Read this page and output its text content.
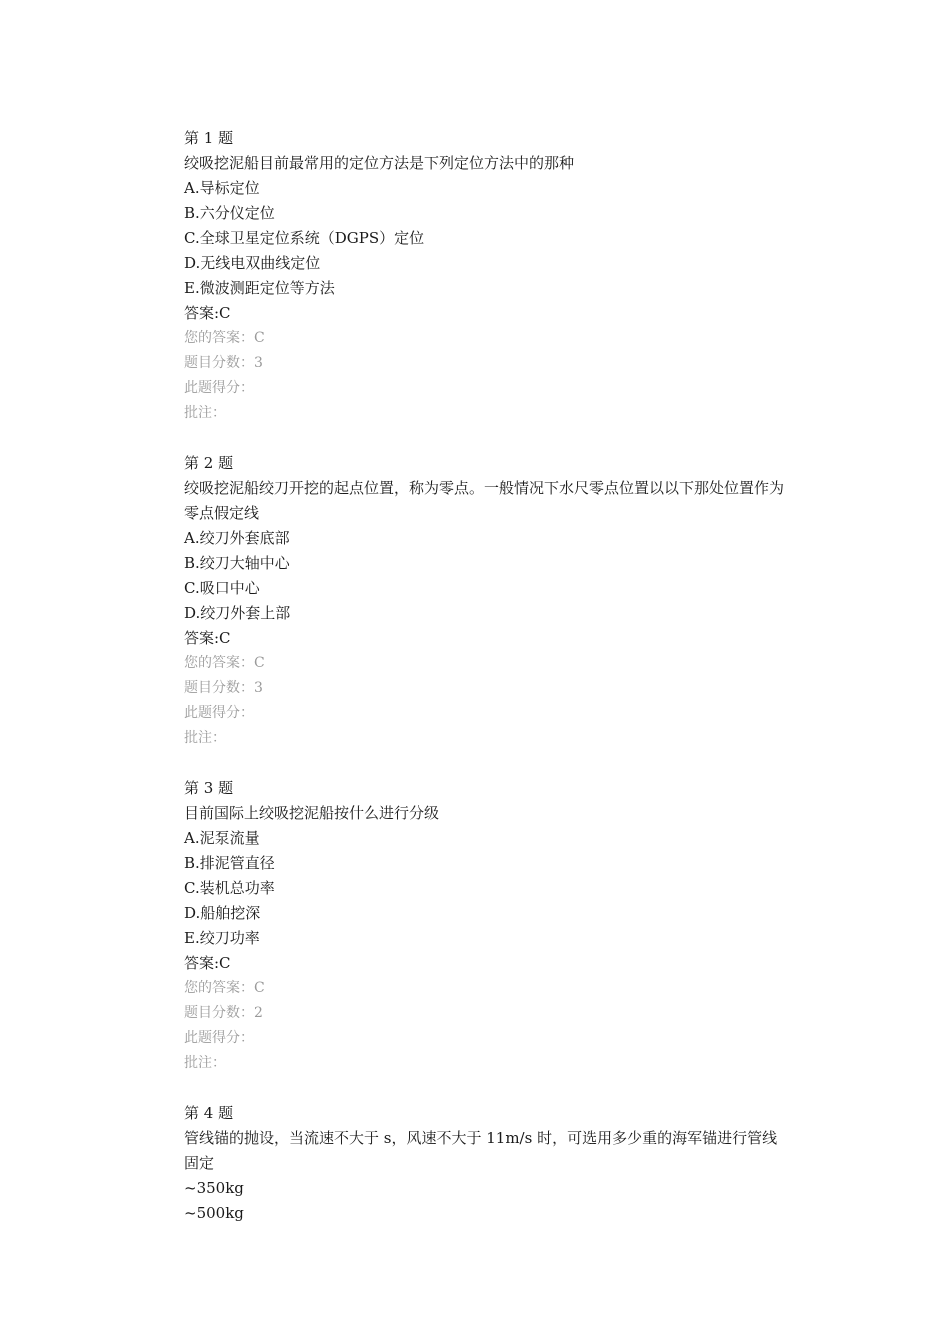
第 1 题
绞吸挖泥船目前最常用的定位方法是下列定位方法中的那种
A.导标定位
B.六分仪定位
C.全球卫星定位系统（DGPS）定位
D.无线电双曲线定位
E.微波测距定位等方法
答案:C
您的答案：C
题目分数：3
此题得分：
批注：
第 2 题
绞吸挖泥船绞刀开挖的起点位置，称为零点。一般情况下水尺零点位置以以下那处位置作为零点假定线
A.绞刀外套底部
B.绞刀大轴中心
C.吸口中心
D.绞刀外套上部
答案:C
您的答案：C
题目分数：3
此题得分：
批注：
第 3 题
目前国际上绞吸挖泥船按什么进行分级
A.泥泵流量
B.排泥管直径
C.装机总功率
D.船舶挖深
E.绞刀功率
答案:C
您的答案：C
题目分数：2
此题得分：
批注：
第 4 题
管线锚的抛设，当流速不大于 s，风速不大于 11m/s 时，可选用多少重的海军锚进行管线固定
~350kg
~500kg
